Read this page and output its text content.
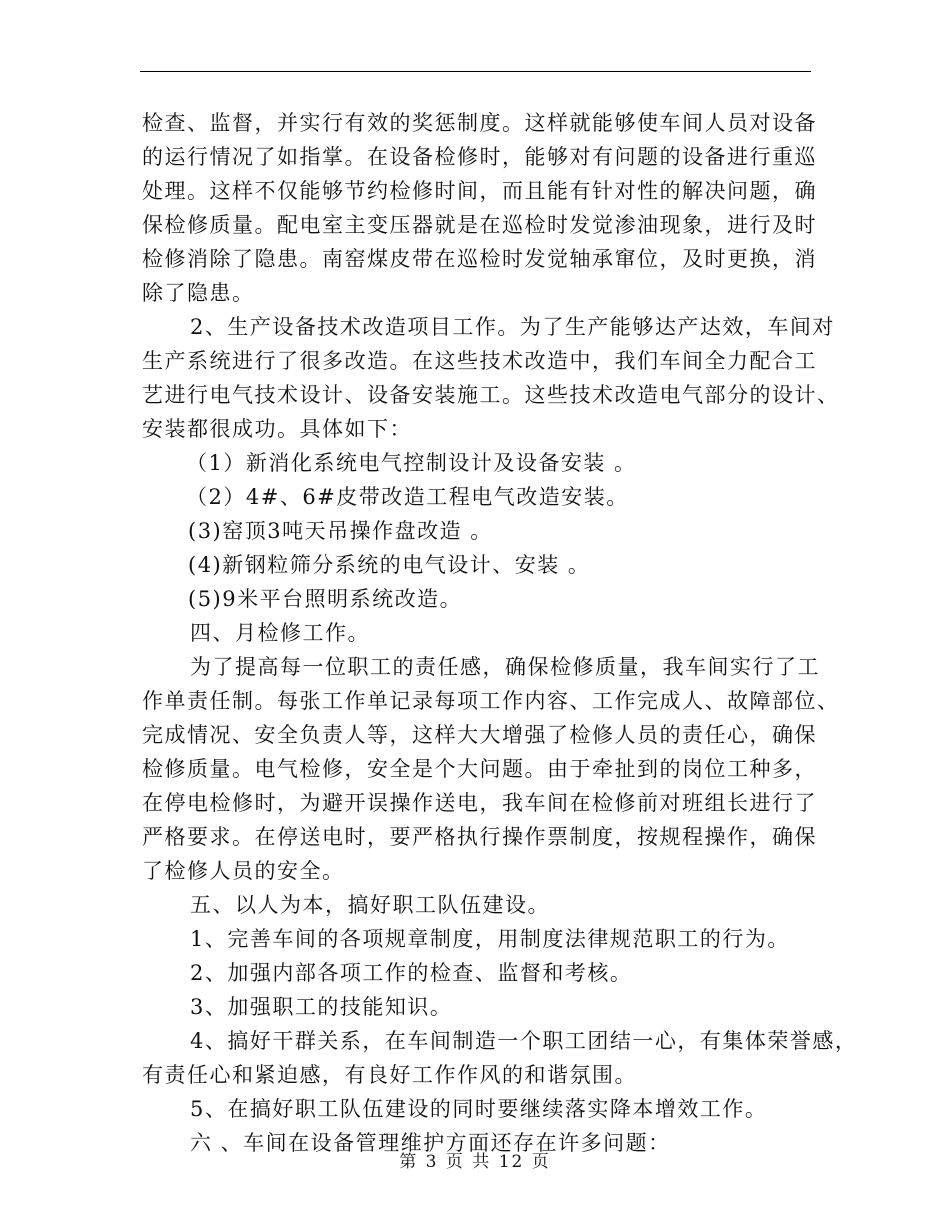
检查、监督，并实行有效的奖惩制度。这样就能够使车间人员对设备
的运行情况了如指掌。在设备检修时，能够对有问题的设备进行重巡
处理。这样不仅能够节约检修时间，而且能有针对性的解决问题，确
保检修质量。配电室主变压器就是在巡检时发觉渗油现象，进行及时
检修消除了隐患。南窑煤皮带在巡检时发觉轴承窜位，及时更换，消
除了隐患。
2、生产设备技术改造项目工作。为了生产能够达产达效，车间对
生产系统进行了很多改造。在这些技术改造中，我们车间全力配合工
艺进行电气技术设计、设备安装施工。这些技术改造电气部分的设计、
安装都很成功。具体如下：
（1）新消化系统电气控制设计及设备安装 。
（2）4#、6#皮带改造工程电气改造安装。
(3)窑顶3吨天吊操作盘改造 。
(4)新钢粒筛分系统的电气设计、安装 。
(5)9米平台照明系统改造。
四、月检修工作。
为了提高每一位职工的责任感，确保检修质量，我车间实行了工
作单责任制。每张工作单记录每项工作内容、工作完成人、故障部位、
完成情况、安全负责人等，这样大大增强了检修人员的责任心，确保
检修质量。电气检修，安全是个大问题。由于牵扯到的岗位工种多，
在停电检修时，为避开误操作送电，我车间在检修前对班组长进行了
严格要求。在停送电时，要严格执行操作票制度，按规程操作，确保
了检修人员的安全。
五、以人为本，搞好职工队伍建设。
1、完善车间的各项规章制度，用制度法律规范职工的行为。
2、加强内部各项工作的检查、监督和考核。
3、加强职工的技能知识。
4、搞好干群关系，在车间制造一个职工团结一心，有集体荣誉感，
有责任心和紧迫感，有良好工作作风的和谐氛围。
5、在搞好职工队伍建设的同时要继续落实降本增效工作。
六 、车间在设备管理维护方面还存在许多问题：
第 3 页 共 12 页
